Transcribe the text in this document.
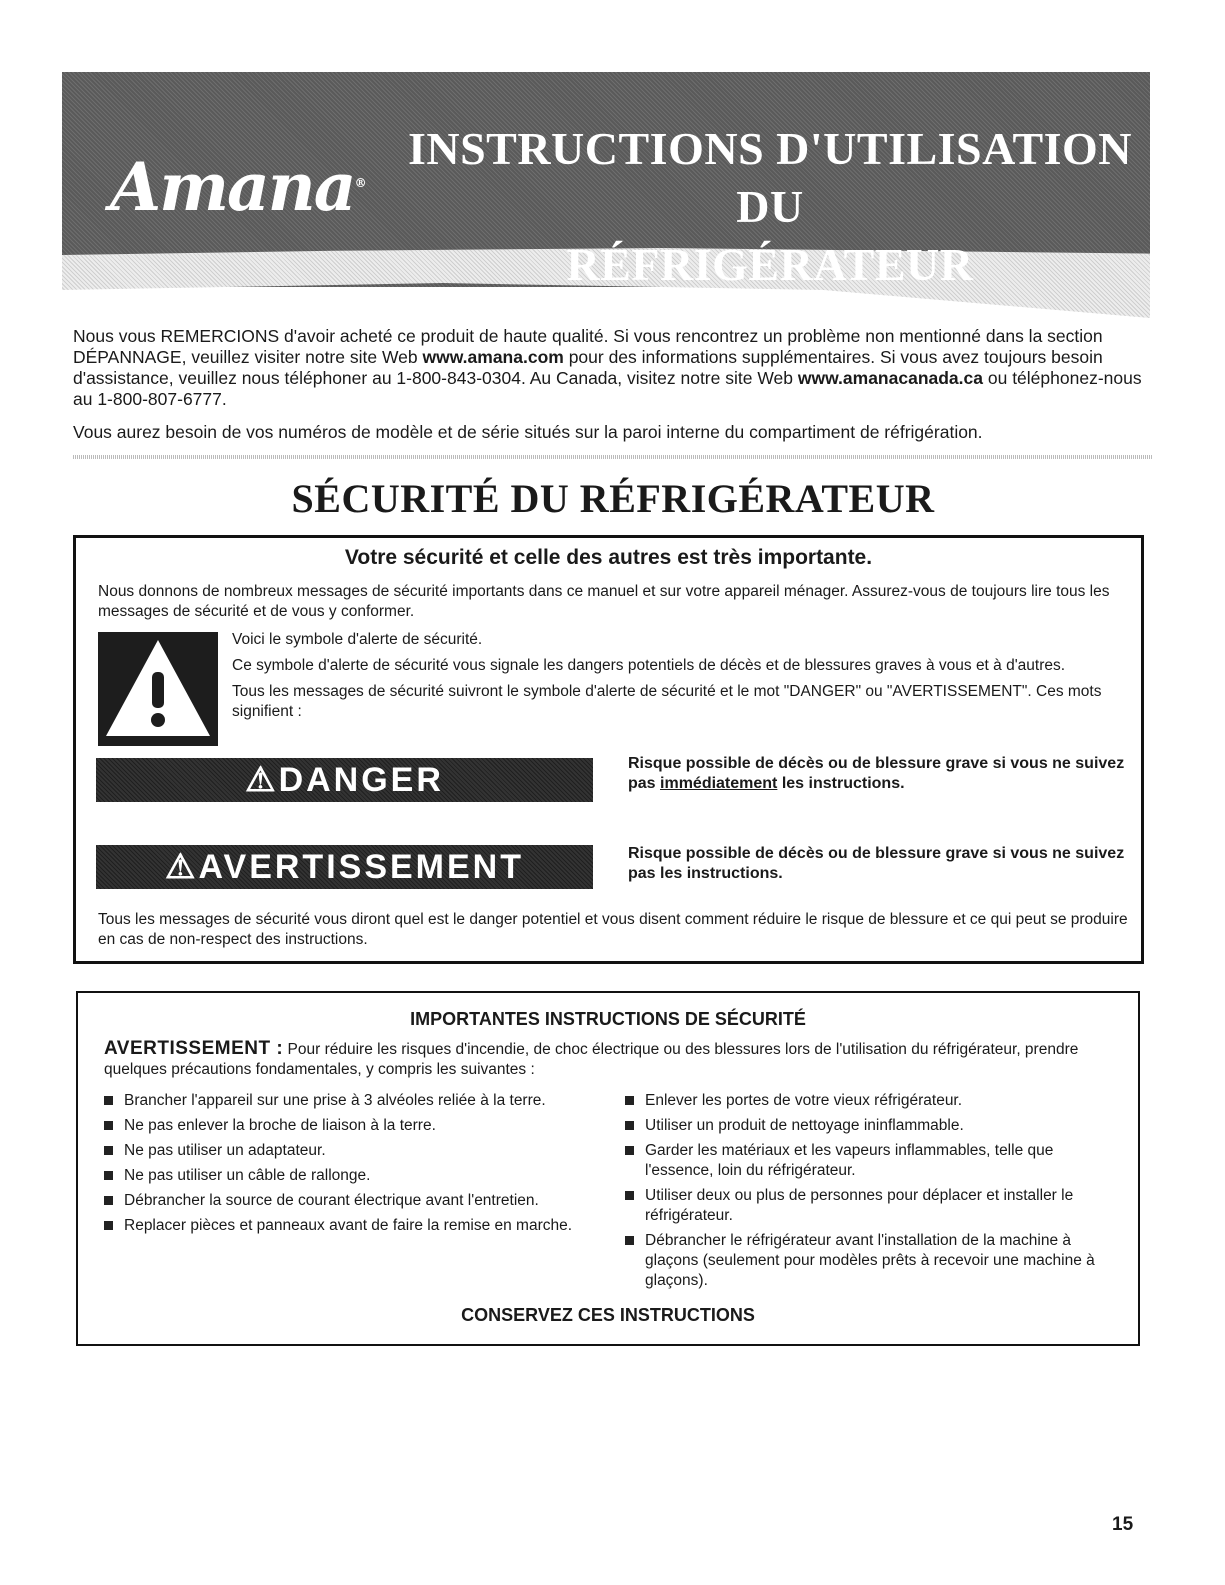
Amana®
INSTRUCTIONS D'UTILISATION DU
RÉFRIGÉRATEUR

Nous vous REMERCIONS d'avoir acheté ce produit de haute qualité. Si vous rencontrez un problème non mentionné dans la section DÉPANNAGE, veuillez visiter notre site Web www.amana.com pour des informations supplémentaires. Si vous avez toujours besoin d'assistance, veuillez nous téléphoner au 1-800-843-0304. Au Canada, visitez notre site Web www.amanacanada.ca ou téléphonez-nous au 1-800-807-6777.

Vous aurez besoin de vos numéros de modèle et de série situés sur la paroi interne du compartiment de réfrigération.

SÉCURITÉ DU RÉFRIGÉRATEUR
Votre sécurité et celle des autres est très importante.
Nous donnons de nombreux messages de sécurité importants dans ce manuel et sur votre appareil ménager. Assurez-vous de toujours lire tous les messages de sécurité et de vous y conformer.

Voici le symbole d'alerte de sécurité.

Ce symbole d'alerte de sécurité vous signale les dangers potentiels de décès et de blessures graves à vous et à d'autres.

Tous les messages de sécurité suivront le symbole d'alerte de sécurité et le mot "DANGER" ou "AVERTISSEMENT". Ces mots signifient :

⚠DANGER	Risque possible de décès ou de blessure grave si vous ne suivez pas immédiatement les instructions.
⚠AVERTISSEMENT	Risque possible de décès ou de blessure grave si vous ne suivez pas les instructions.
Tous les messages de sécurité vous diront quel est le danger potentiel et vous disent comment réduire le risque de blessure et ce qui peut se produire en cas de non-respect des instructions.
IMPORTANTES INSTRUCTIONS DE SÉCURITÉ
AVERTISSEMENT : Pour réduire les risques d'incendie, de choc électrique ou des blessures lors de l'utilisation du réfrigérateur, prendre quelques précautions fondamentales, y compris les suivantes :
Brancher l'appareil sur une prise à 3 alvéoles reliée à la terre.
Ne pas enlever la broche de liaison à la terre.
Ne pas utiliser un adaptateur.
Ne pas utiliser un câble de rallonge.
Débrancher la source de courant électrique avant l'entretien.
Replacer pièces et panneaux avant de faire la remise en marche.
Enlever les portes de votre vieux réfrigérateur.
Utiliser un produit de nettoyage ininflammable.
Garder les matériaux et les vapeurs inflammables, telle que l'essence, loin du réfrigérateur.
Utiliser deux ou plus de personnes pour déplacer et installer le réfrigérateur.
Débrancher le réfrigérateur avant l'installation de la machine à glaçons (seulement pour modèles prêts à recevoir une machine à glaçons).
CONSERVEZ CES INSTRUCTIONS
15
